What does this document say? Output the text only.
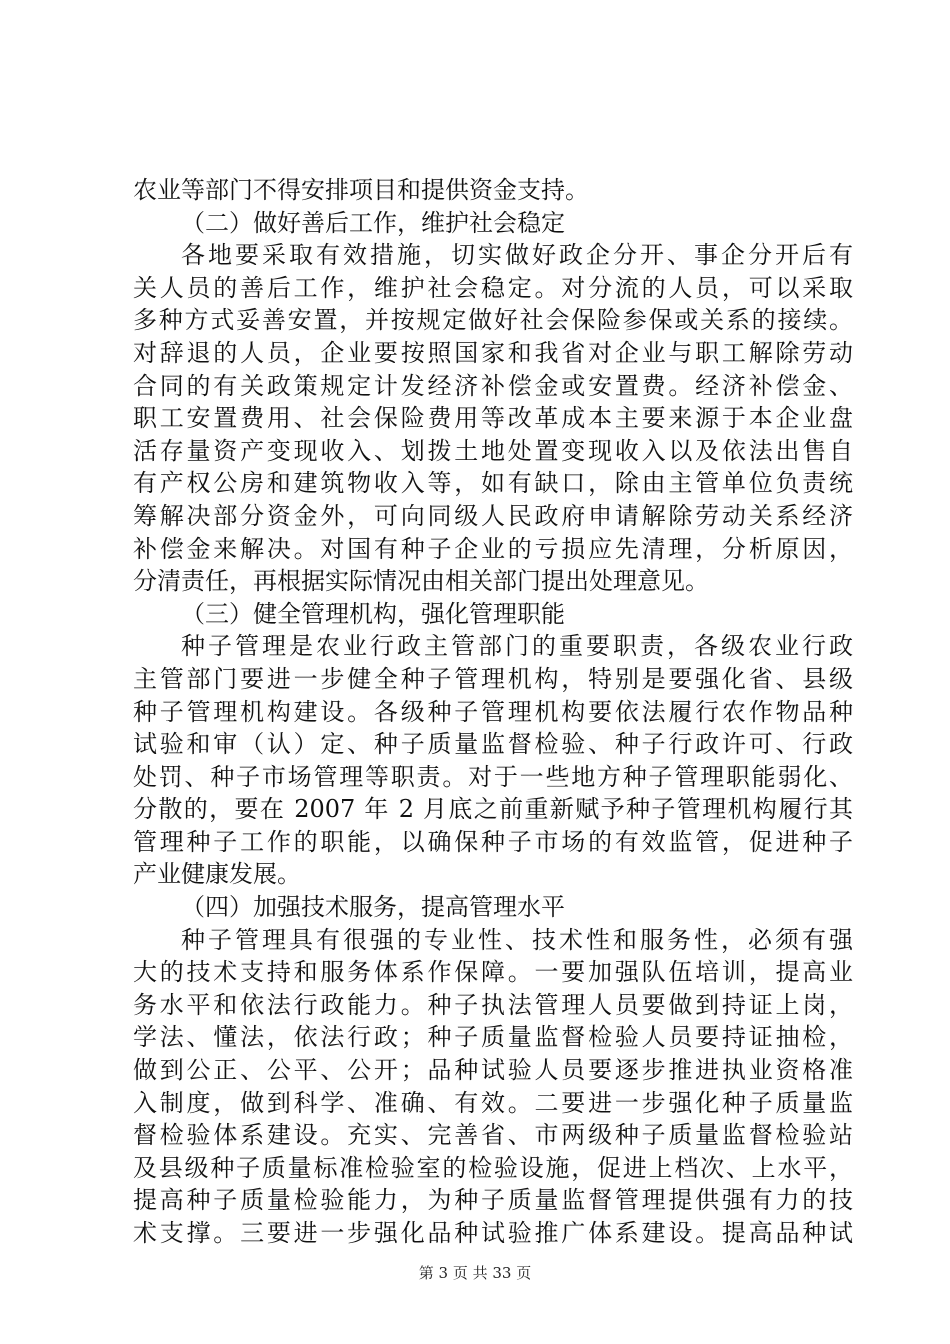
农业等部门不得安排项目和提供资金支持。
（二）做好善后工作，维护社会稳定
各地要采取有效措施，切实做好政企分开、事企分开后有
关人员的善后工作，维护社会稳定。对分流的人员，可以采取
多种方式妥善安置，并按规定做好社会保险参保或关系的接续。
对辞退的人员，企业要按照国家和我省对企业与职工解除劳动
合同的有关政策规定计发经济补偿金或安置费。经济补偿金、
职工安置费用、社会保险费用等改革成本主要来源于本企业盘
活存量资产变现收入、划拨土地处置变现收入以及依法出售自
有产权公房和建筑物收入等，如有缺口，除由主管单位负责统
筹解决部分资金外，可向同级人民政府申请解除劳动关系经济
补偿金来解决。对国有种子企业的亏损应先清理，分析原因，
分清责任，再根据实际情况由相关部门提出处理意见。
（三）健全管理机构，强化管理职能
种子管理是农业行政主管部门的重要职责，各级农业行政
主管部门要进一步健全种子管理机构，特别是要强化省、县级
种子管理机构建设。各级种子管理机构要依法履行农作物品种
试验和审（认）定、种子质量监督检验、种子行政许可、行政
处罚、种子市场管理等职责。对于一些地方种子管理职能弱化、
分散的，要在 2007 年 2 月底之前重新赋予种子管理机构履行其
管理种子工作的职能，以确保种子市场的有效监管，促进种子
产业健康发展。
（四）加强技术服务，提高管理水平
种子管理具有很强的专业性、技术性和服务性，必须有强
大的技术支持和服务体系作保障。一要加强队伍培训，提高业
务水平和依法行政能力。种子执法管理人员要做到持证上岗，
学法、懂法，依法行政；种子质量监督检验人员要持证抽检，
做到公正、公平、公开；品种试验人员要逐步推进执业资格准
入制度，做到科学、准确、有效。二要进一步强化种子质量监
督检验体系建设。充实、完善省、市两级种子质量监督检验站
及县级种子质量标准检验室的检验设施，促进上档次、上水平，
提高种子质量检验能力，为种子质量监督管理提供强有力的技
术支撑。三要进一步强化品种试验推广体系建设。提高品种试
第 3 页 共 33 页
